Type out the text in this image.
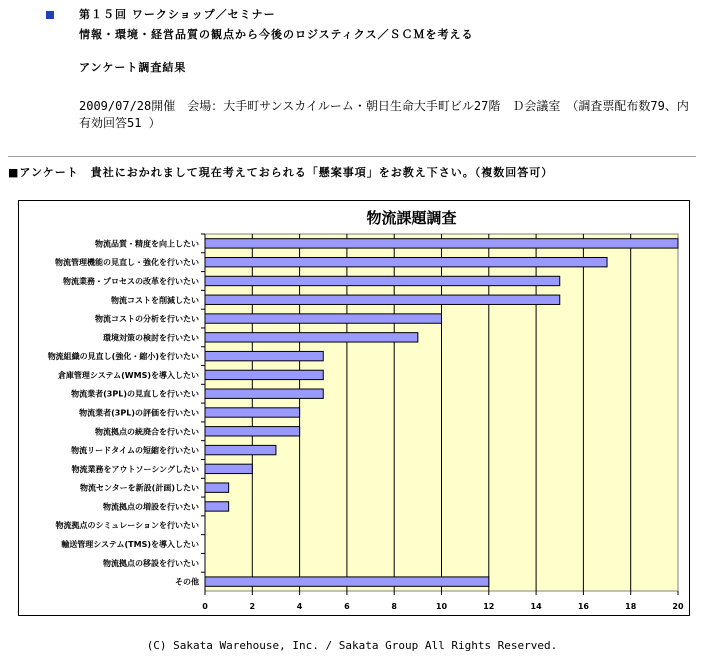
第１５回 ワークショップ／セミナー
情報・環境・経営品質の観点から今後のロジスティクス／ＳＣＭを考える
アンケート調査結果
2009/07/28開催　会場：大手町サンスカイルーム・朝日生命大手町ビル27階　Ｄ会議室　（調査票配布数79、内有効回答51 ）
■アンケート　貴社におかれまして現在考えておられる「懸案事項」をお教え下さい。（複数回答可）
物流課題調査
0	2	4	6	8	10	12	14	16	18	20
物流品質・精度を向上したい
物流管理機能の見直し・強化を行いたい
物流業務・プロセスの改革を行いたい
物流コストを削減したい
物流コストの分析を行いたい
環境対策の検討を行いたい
物流組織の見直し(強化・縮小)を行いたい
倉庫管理システム(WMS)を導入したい
物流業者(3PL)の見直しを行いたい
物流業者(3PL)の評価を行いたい
物流拠点の統廃合を行いたい
物流リードタイムの短縮を行いたい
物流業務をアウトソーシングしたい
物流センターを新設(計画)したい
物流拠点の増設を行いたい
物流拠点のシミュレーションを行いたい
輸送管理システム(TMS)を導入したい
物流拠点の移設を行いたい
その他
(C) Sakata Warehouse, Inc. / Sakata Group All Rights Reserved.
